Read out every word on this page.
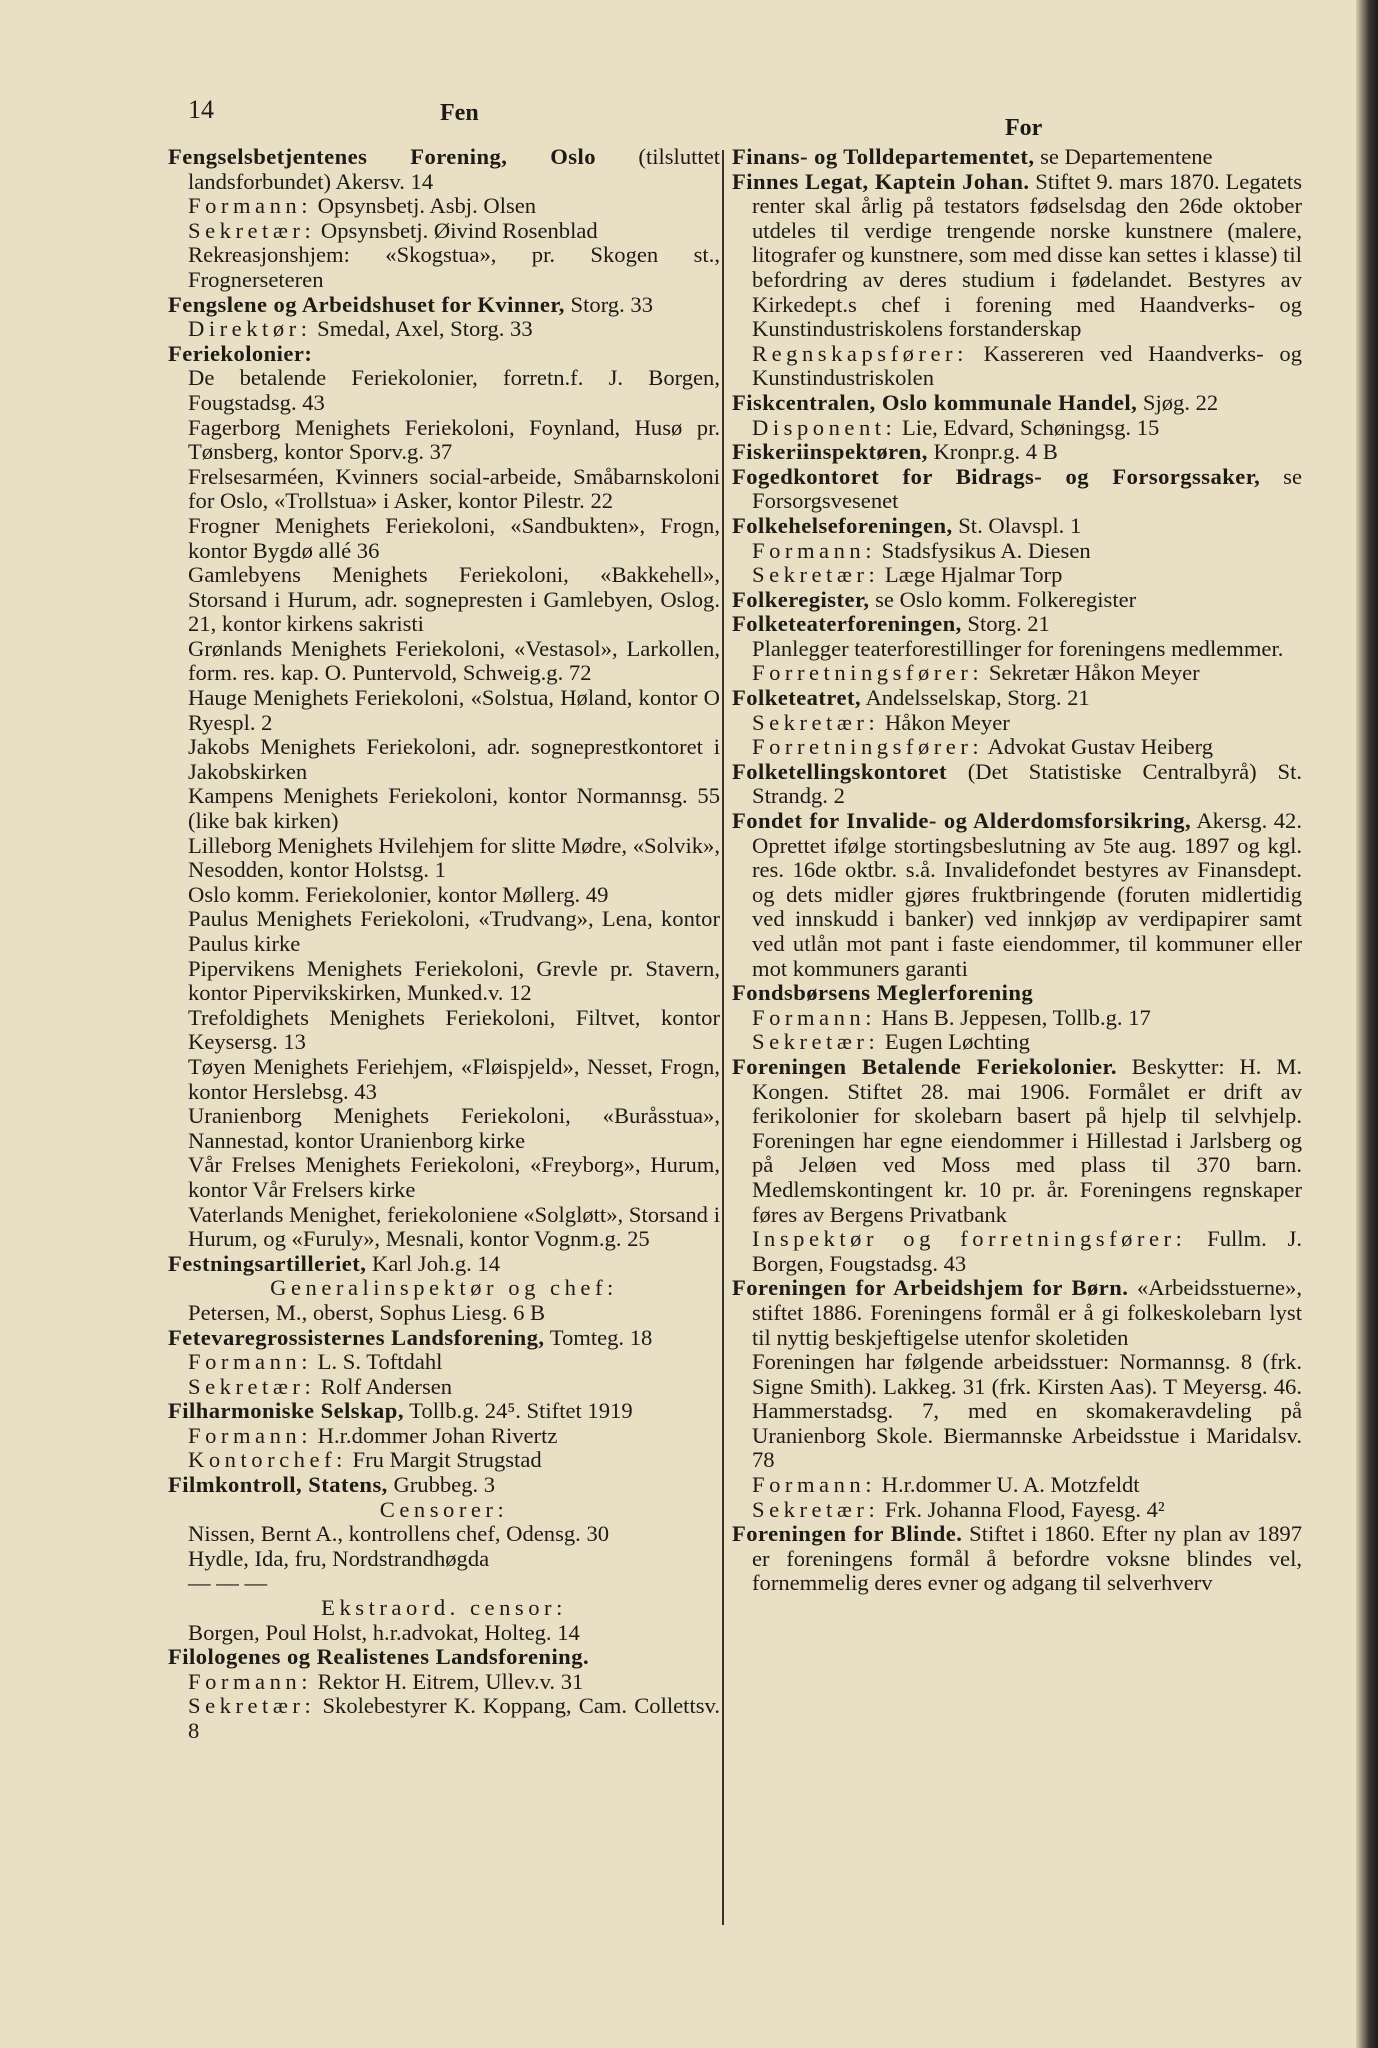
14	Fen
For

Fengselsbetjentenes Forening, Oslo (tilsluttet landsforbundet) Akersv. 14

Formann: Opsynsbetj. Asbj. Olsen

Sekretær: Opsynsbetj. Øivind Rosenblad

Rekreasjonshjem: «Skogstua», pr. Skogen st., Frognerseteren

Fengslene og Arbeidshuset for Kvinner, Storg. 33

Direktør: Smedal, Axel, Storg. 33

Feriekolonier:

De betalende Feriekolonier, forretn.f. J. Borgen, Fougstadsg. 43

Fagerborg Menighets Feriekoloni, Foynland, Husø pr. Tønsberg, kontor Sporv.g. 37

Frelsesarméen, Kvinners social-arbeide, Småbarnskoloni for Oslo, «Trollstua» i Asker, kontor Pilestr. 22

Frogner Menighets Feriekoloni, «Sandbukten», Frogn, kontor Bygdø allé 36

Gamlebyens Menighets Feriekoloni, «Bakkehell», Storsand i Hurum, adr. sognepresten i Gamlebyen, Oslog. 21, kontor kirkens sakristi

Grønlands Menighets Feriekoloni, «Vestasol», Larkollen, form. res. kap. O. Puntervold, Schweig.g. 72

Hauge Menighets Feriekoloni, «Solstua, Høland, kontor O Ryespl. 2

Jakobs Menighets Feriekoloni, adr. sogneprestkontoret i Jakobskirken

Kampens Menighets Feriekoloni, kontor Normannsg. 55 (like bak kirken)

Lilleborg Menighets Hvilehjem for slitte Mødre, «Solvik», Nesodden, kontor Holstsg. 1

Oslo komm. Feriekolonier, kontor Møllerg. 49

Paulus Menighets Feriekoloni, «Trudvang», Lena, kontor Paulus kirke

Pipervikens Menighets Feriekoloni, Grevle pr. Stavern, kontor Pipervikskirken, Munked.v. 12

Trefoldighets Menighets Feriekoloni, Filtvet, kontor Keysersg. 13

Tøyen Menighets Feriehjem, «Fløispjeld», Nesset, Frogn, kontor Herslebsg. 43

Uranienborg Menighets Feriekoloni, «Buråsstua», Nannestad, kontor Uranienborg kirke

Vår Frelses Menighets Feriekoloni, «Freyborg», Hurum, kontor Vår Frelsers kirke

Vaterlands Menighet, feriekoloniene «Solgløtt», Storsand i Hurum, og «Furuly», Mesnali, kontor Vognm.g. 25

Festningsartilleriet, Karl Joh.g. 14

Generalinspektør og chef:

Petersen, M., oberst, Sophus Liesg. 6 B

Fetevaregrossisternes Landsforening, Tomteg. 18

Formann: L. S. Toftdahl

Sekretær: Rolf Andersen

Filharmoniske Selskap, Tollb.g. 24⁵. Stiftet 1919

Formann: H.r.dommer Johan Rivertz

Kontorchef: Fru Margit Strugstad

Filmkontroll, Statens, Grubbeg. 3

Censorer:

Nissen, Bernt A., kontrollens chef, Odensg. 30

Hydle, Ida, fru, Nordstrandhøgda

— — —

Ekstraord. censor:

Borgen, Poul Holst, h.r.advokat, Holteg. 14

Filologenes og Realistenes Landsforening.

Formann: Rektor H. Eitrem, Ullev.v. 31

Sekretær: Skolebestyrer K. Koppang, Cam. Collettsv. 8

Finans- og Tolldepartementet, se Departementene

Finnes Legat, Kaptein Johan. Stiftet 9. mars 1870. Legatets renter skal årlig på testators fødselsdag den 26de oktober utdeles til verdige trengende norske kunstnere (malere, litografer og kunstnere, som med disse kan settes i klasse) til befordring av deres studium i fødelandet. Bestyres av Kirkedept.s chef i forening med Haandverks- og Kunstindustriskolens forstanderskap

Regnskapsfører: Kassereren ved Haandverks- og Kunstindustriskolen

Fiskcentralen, Oslo kommunale Handel, Sjøg. 22

Disponent: Lie, Edvard, Schøningsg. 15

Fiskeriinspektøren, Kronpr.g. 4 B

Fogedkontoret for Bidrags- og Forsorgssaker, se Forsorgsvesenet

Folkehelseforeningen, St. Olavspl. 1

Formann: Stadsfysikus A. Diesen

Sekretær: Læge Hjalmar Torp

Folkeregister, se Oslo komm. Folkeregister

Folketeaterforeningen, Storg. 21

Planlegger teaterforestillinger for foreningens medlemmer.

Forretningsfører: Sekretær Håkon Meyer

Folketeatret, Andelsselskap, Storg. 21

Sekretær: Håkon Meyer

Forretningsfører: Advokat Gustav Heiberg

Folketellingskontoret (Det Statistiske Centralbyrå) St. Strandg. 2

Fondet for Invalide- og Alderdomsforsikring, Akersg. 42. Oprettet ifølge stortingsbeslutning av 5te aug. 1897 og kgl. res. 16de oktbr. s.å. Invalidefondet bestyres av Finansdept. og dets midler gjøres fruktbringende (foruten midlertidig ved innskudd i banker) ved innkjøp av verdipapirer samt ved utlån mot pant i faste eiendommer, til kommuner eller mot kommuners garanti

Fondsbørsens Meglerforening

Formann: Hans B. Jeppesen, Tollb.g. 17

Sekretær: Eugen Løchting

Foreningen Betalende Feriekolonier. Beskytter: H. M. Kongen. Stiftet 28. mai 1906. Formålet er drift av ferikolonier for skolebarn basert på hjelp til selvhjelp. Foreningen har egne eiendommer i Hillestad i Jarlsberg og på Jeløen ved Moss med plass til 370 barn. Medlemskontingent kr. 10 pr. år. Foreningens regnskaper føres av Bergens Privatbank

Inspektør og forretningsfører: Fullm. J. Borgen, Fougstadsg. 43

Foreningen for Arbeidshjem for Børn. «Arbeidsstuerne», stiftet 1886. Foreningens formål er å gi folkeskolebarn lyst til nyttig beskjeftigelse utenfor skoletiden

Foreningen har følgende arbeidsstuer: Normannsg. 8 (frk. Signe Smith). Lakkeg. 31 (frk. Kirsten Aas). T Meyersg. 46. Hammerstadsg. 7, med en skomakeravdeling på Uranienborg Skole. Biermannske Arbeidsstue i Maridalsv. 78

Formann: H.r.dommer U. A. Motzfeldt

Sekretær: Frk. Johanna Flood, Fayesg. 4²

Foreningen for Blinde. Stiftet i 1860. Efter ny plan av 1897 er foreningens formål å befordre voksne blindes vel, fornemmelig deres evner og adgang til selverhverv
